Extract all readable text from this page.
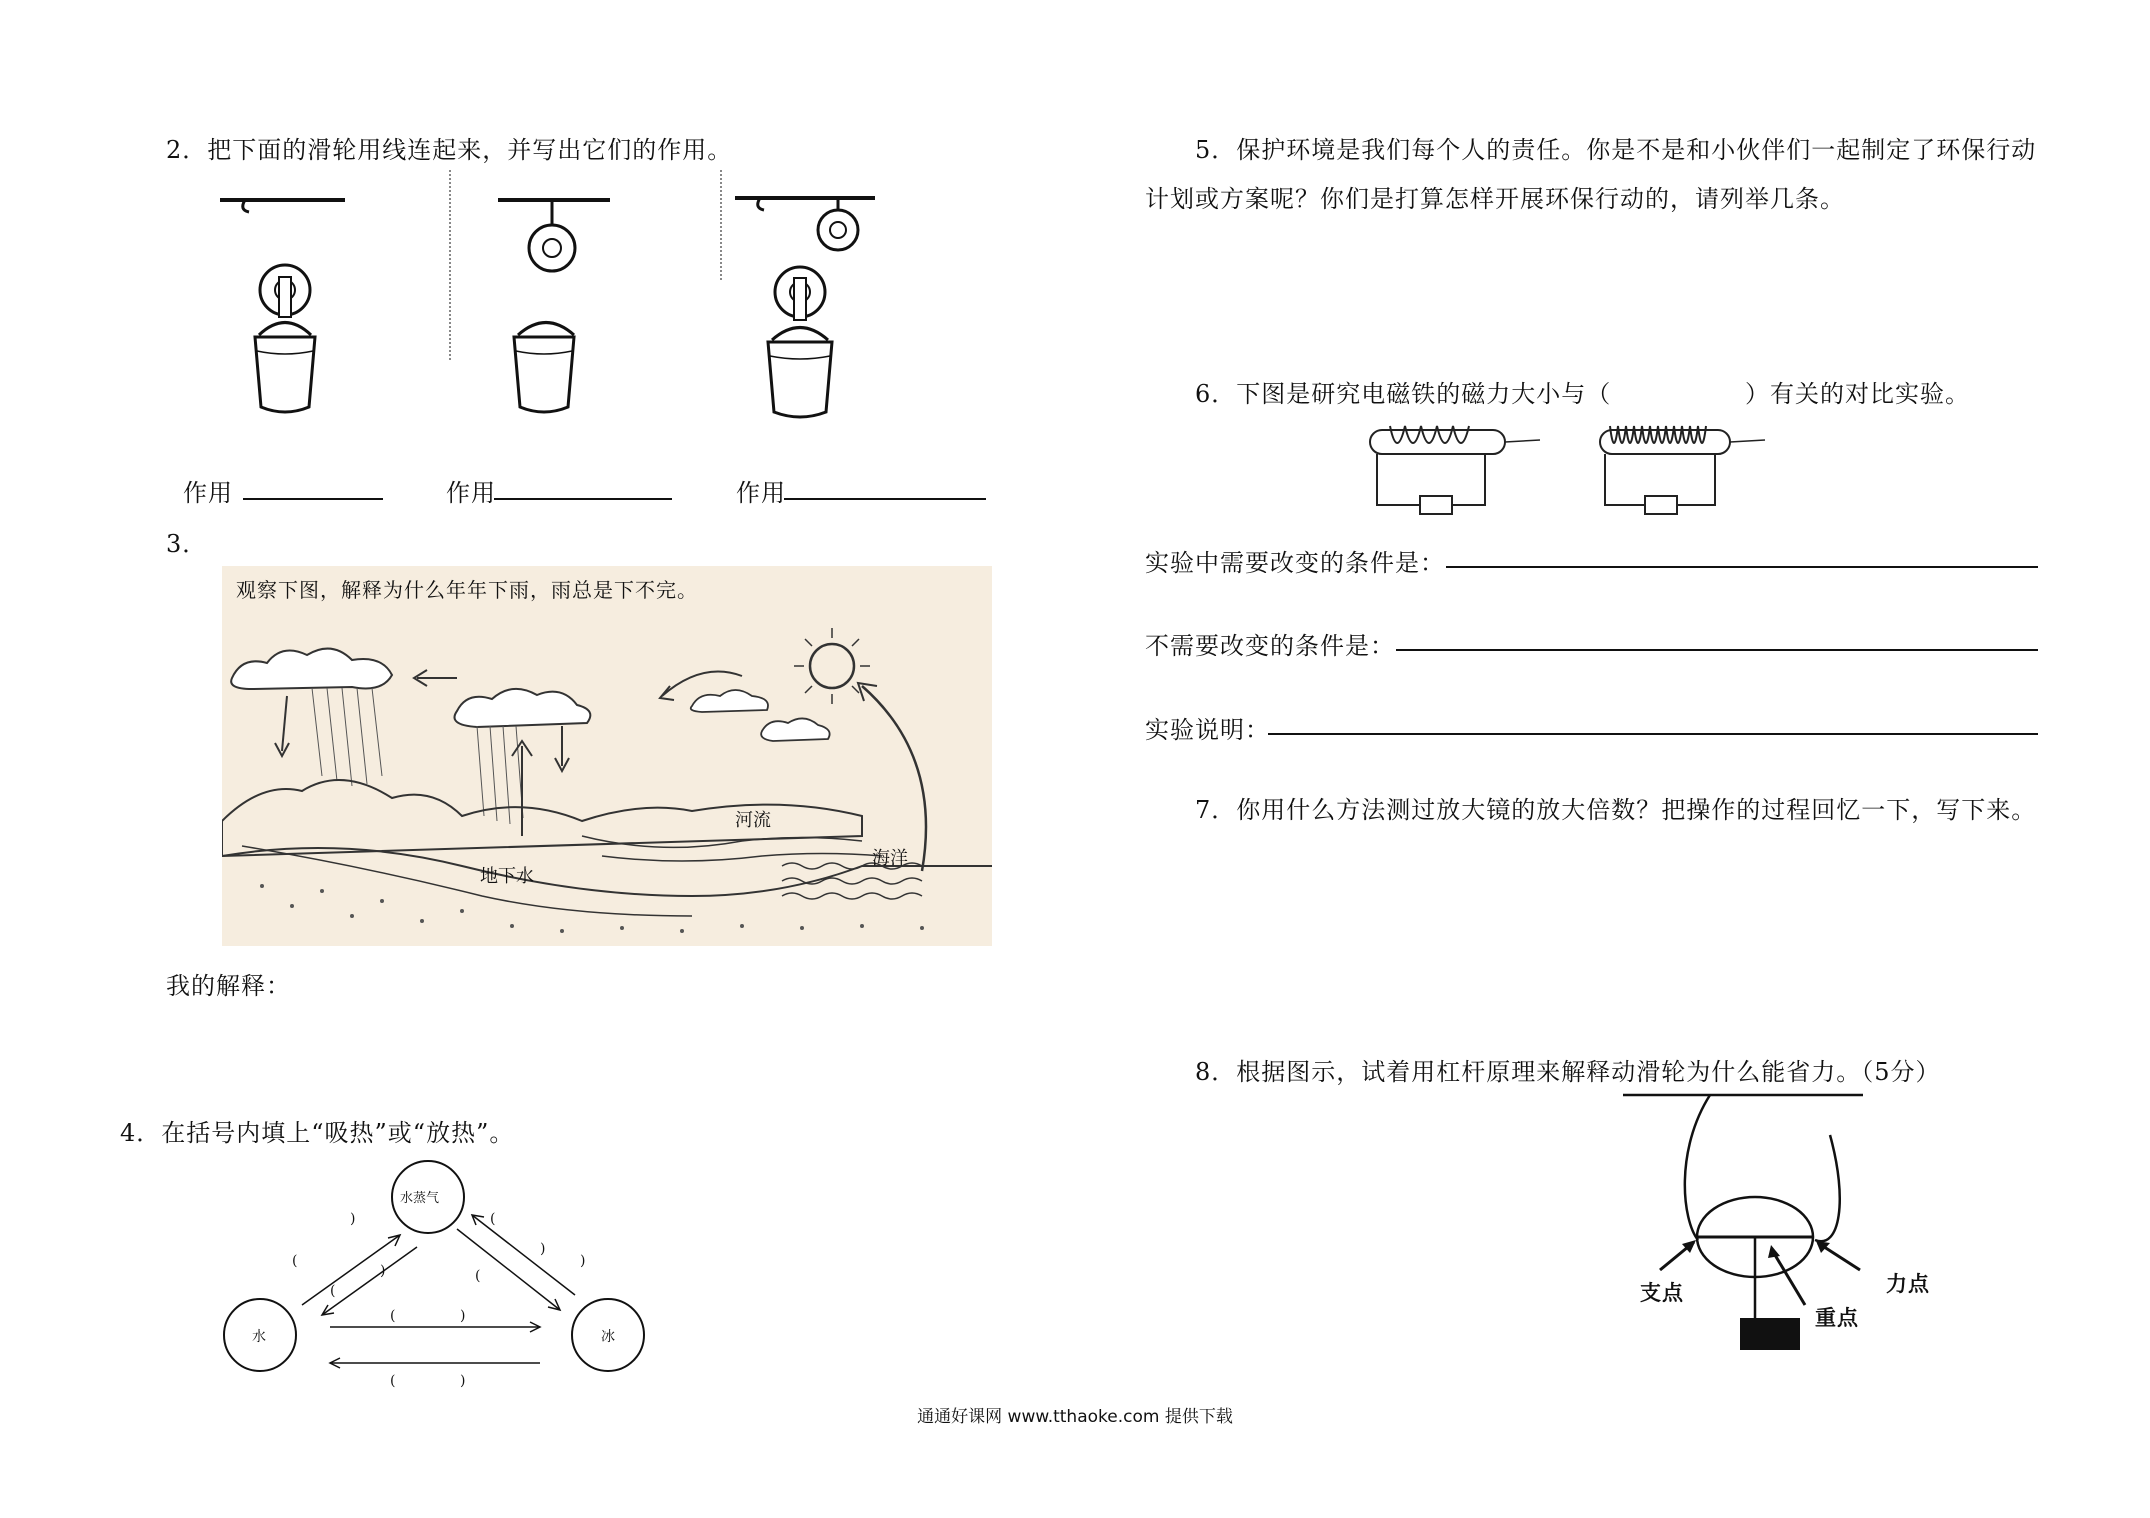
2．把下面的滑轮用线连起来，并写出它们的作用。
作用	作用	作用
3．
观察下图，解释为什么年年下雨，雨总是下不完。
河流
海洋
地下水
我的解释：
4．在括号内填上“吸热”或“放热”。
)
(
(
)
(
)
(
)
(	)
(	)
水蒸气
水	冰
5．保护环境是我们每个人的责任。你是不是和小伙伴们一起制定了环保行动
计划或方案呢？你们是打算怎样开展环保行动的，请列举几条。
6．下图是研究电磁铁的磁力大小与（	）有关的对比实验。
实验中需要改变的条件是：
不需要改变的条件是：
实验说明：
7．你用什么方法测过放大镜的放大倍数？把操作的过程回忆一下，写下来。
8．根据图示，试着用杠杆原理来解释动滑轮为什么能省力。（5分）
支点	力点
重点
通通好课网 www.tthaoke.com 提供下载
